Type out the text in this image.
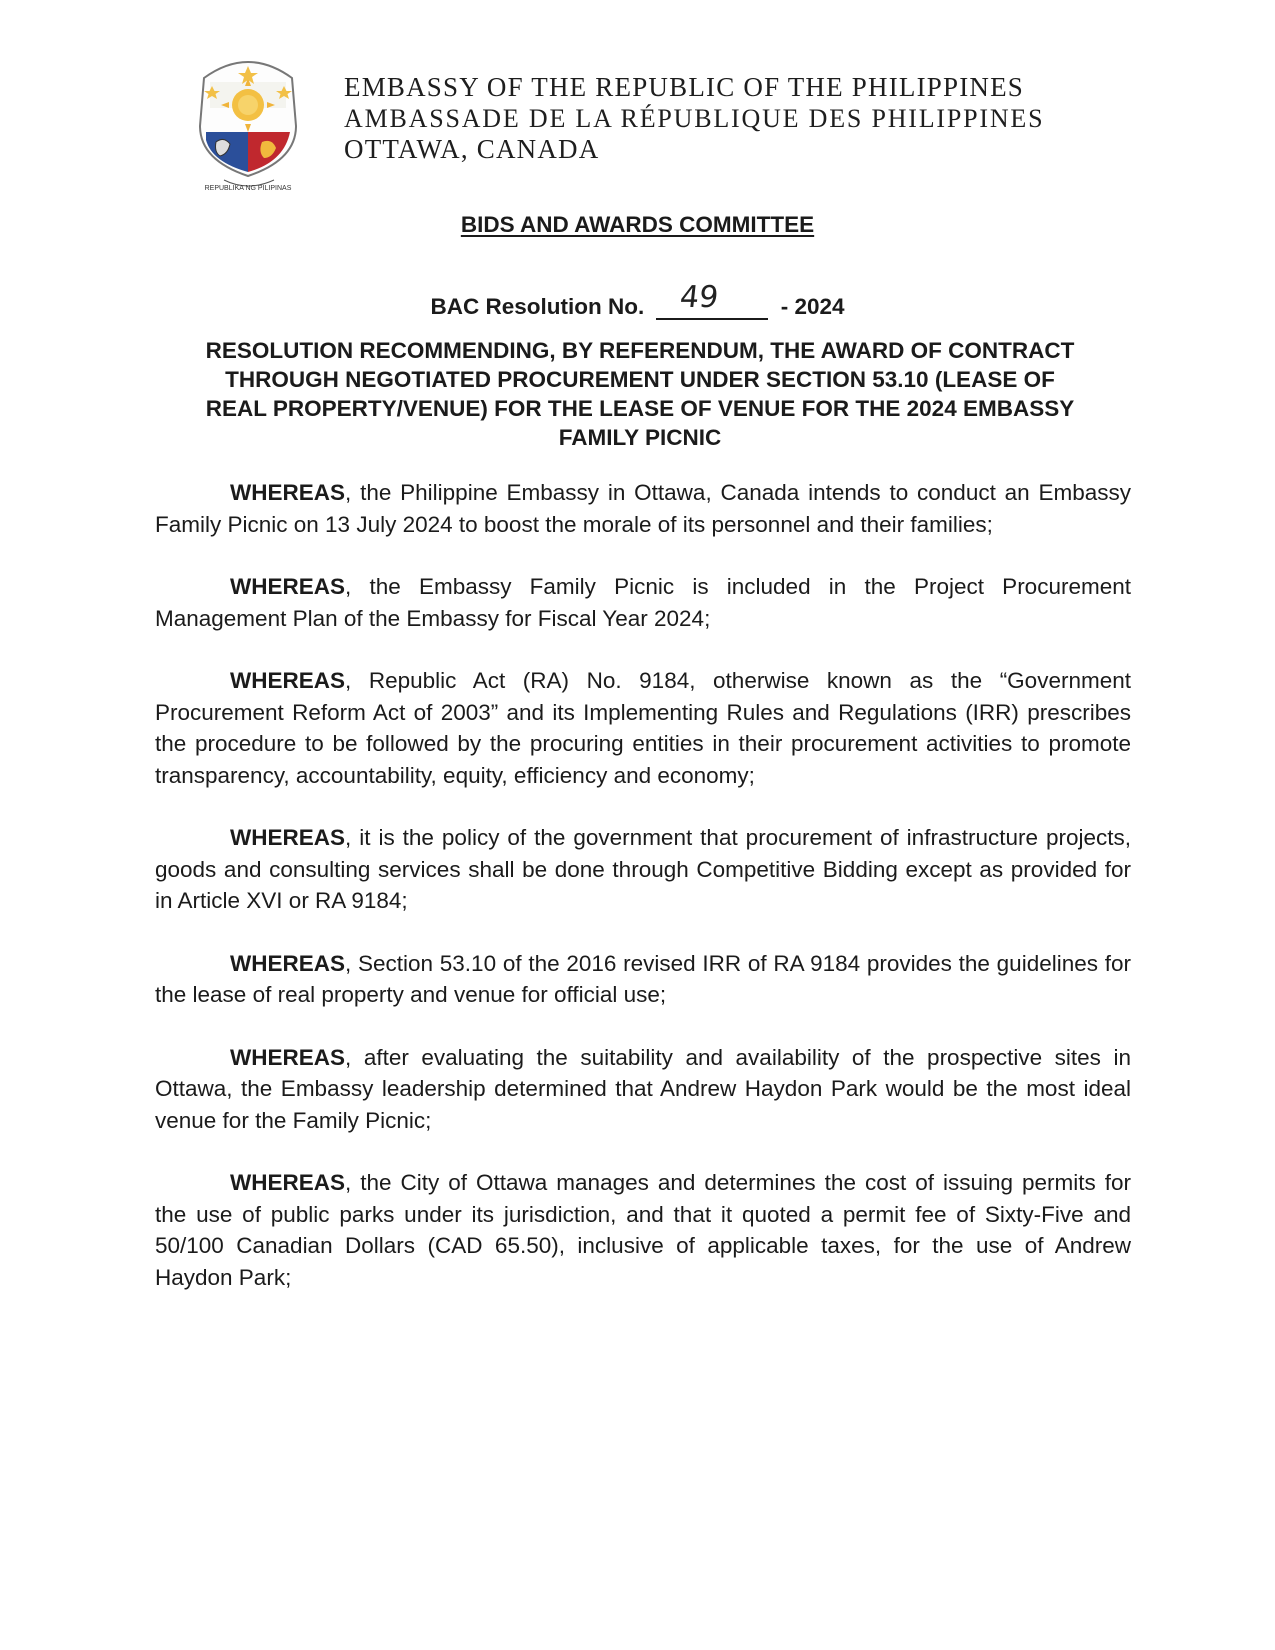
REPUBLIKA NG PILIPINAS
EMBASSY OF THE REPUBLIC OF THE PHILIPPINES
AMBASSADE DE LA RÉPUBLIQUE DES PHILIPPINES
OTTAWA, CANADA
BIDS AND AWARDS COMMITTEE
BAC Resolution No. 49	- 2024
RESOLUTION RECOMMENDING, BY REFERENDUM, THE AWARD OF CONTRACT
THROUGH NEGOTIATED PROCUREMENT UNDER SECTION 53.10 (LEASE OF
REAL PROPERTY/VENUE) FOR THE LEASE OF VENUE FOR THE 2024 EMBASSY
FAMILY PICNIC

WHEREAS, the Philippine Embassy in Ottawa, Canada intends to conduct an Embassy Family Picnic on 13 July 2024 to boost the morale of its personnel and their families;

WHEREAS, the Embassy Family Picnic is included in the Project Procurement Management Plan of the Embassy for Fiscal Year 2024;

WHEREAS, Republic Act (RA) No. 9184, otherwise known as the “Government Procurement Reform Act of 2003” and its Implementing Rules and Regulations (IRR) prescribes the procedure to be followed by the procuring entities in their procurement activities to promote transparency, accountability, equity, efficiency and economy;

WHEREAS, it is the policy of the government that procurement of infrastructure projects, goods and consulting services shall be done through Competitive Bidding except as provided for in Article XVI or RA 9184;

WHEREAS, Section 53.10 of the 2016 revised IRR of RA 9184 provides the guidelines for the lease of real property and venue for official use;

WHEREAS, after evaluating the suitability and availability of the prospective sites in Ottawa, the Embassy leadership determined that Andrew Haydon Park would be the most ideal venue for the Family Picnic;

WHEREAS, the City of Ottawa manages and determines the cost of issuing permits for the use of public parks under its jurisdiction, and that it quoted a permit fee of Sixty-Five and 50/100 Canadian Dollars (CAD 65.50), inclusive of applicable taxes, for the use of Andrew Haydon Park;
